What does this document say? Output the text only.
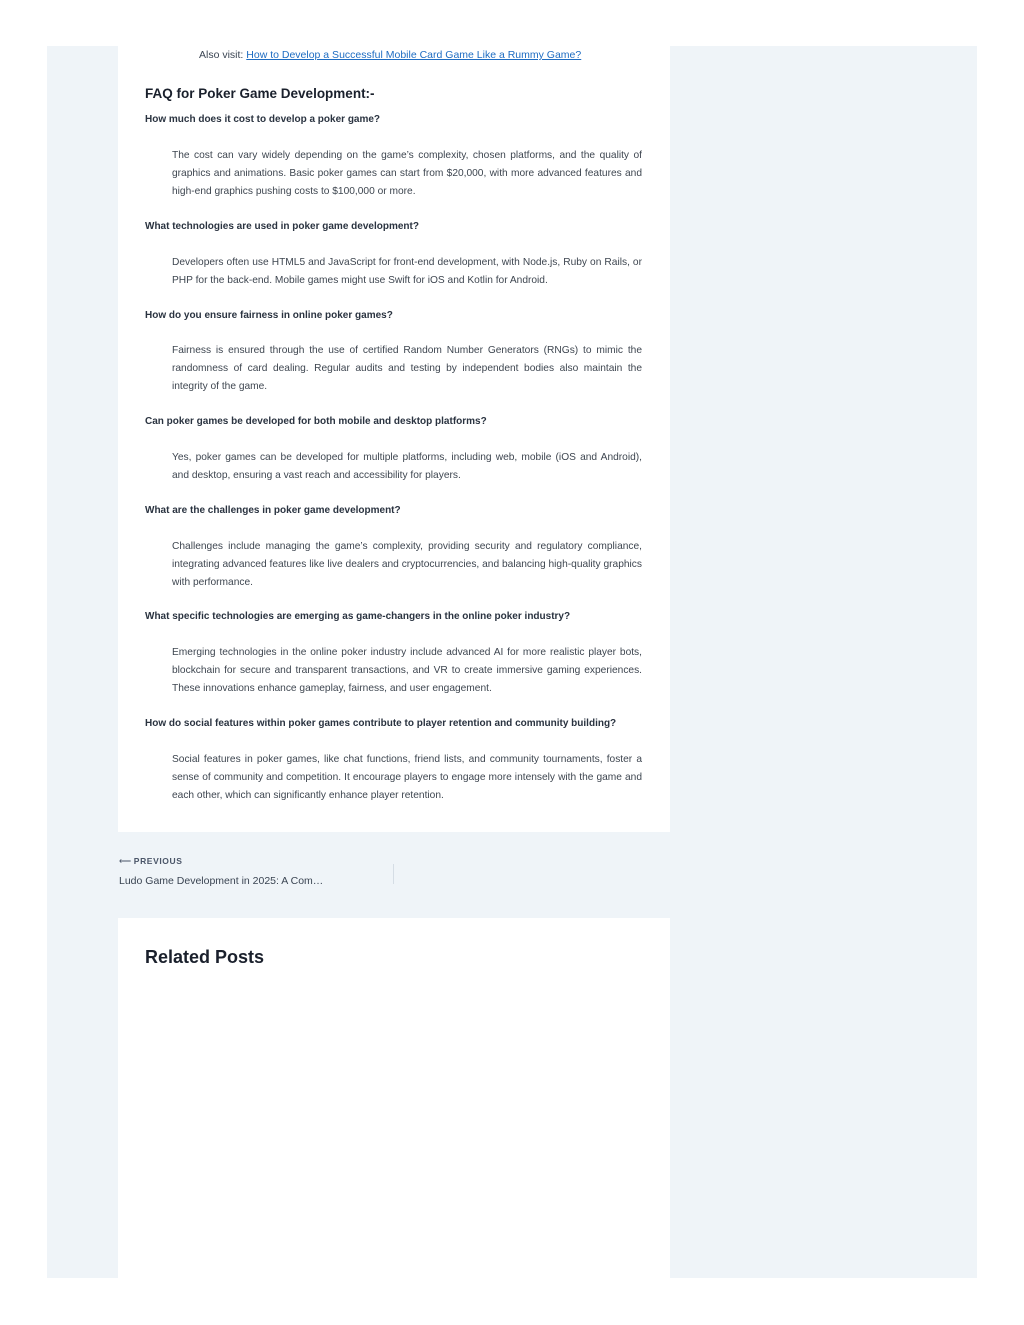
Also visit: How to Develop a Successful Mobile Card Game Like a Rummy Game?

FAQ for Poker Game Development:-
How much does it cost to develop a poker game?

The cost can vary widely depending on the game’s complexity, chosen platforms, and the quality of graphics and animations. Basic poker games can start from $20,000, with more advanced features and high-end graphics pushing costs to $100,000 or more.

What technologies are used in poker game development?

Developers often use HTML5 and JavaScript for front-end development, with Node.js, Ruby on Rails, or PHP for the back-end. Mobile games might use Swift for iOS and Kotlin for Android.

How do you ensure fairness in online poker games?

Fairness is ensured through the use of certified Random Number Generators (RNGs) to mimic the randomness of card dealing. Regular audits and testing by independent bodies also maintain the integrity of the game.

Can poker games be developed for both mobile and desktop platforms?

Yes, poker games can be developed for multiple platforms, including web, mobile (iOS and Android), and desktop, ensuring a vast reach and accessibility for players.

What are the challenges in poker game development?

Challenges include managing the game’s complexity, providing security and regulatory compliance, integrating advanced features like live dealers and cryptocurrencies, and balancing high-quality graphics with performance.

What specific technologies are emerging as game-changers in the online poker industry?

Emerging technologies in the online poker industry include advanced AI for more realistic player bots, blockchain for secure and transparent transactions, and VR to create immersive gaming experiences. These innovations enhance gameplay, fairness, and user engagement.

How do social features within poker games contribute to player retention and community building?

Social features in poker games, like chat functions, friend lists, and community tournaments, foster a sense of community and competition. It encourage players to engage more intensely with the game and each other, which can significantly enhance player retention.

⟵ PREVIOUS
Ludo Game Development in 2025: A Com…
Related Posts
